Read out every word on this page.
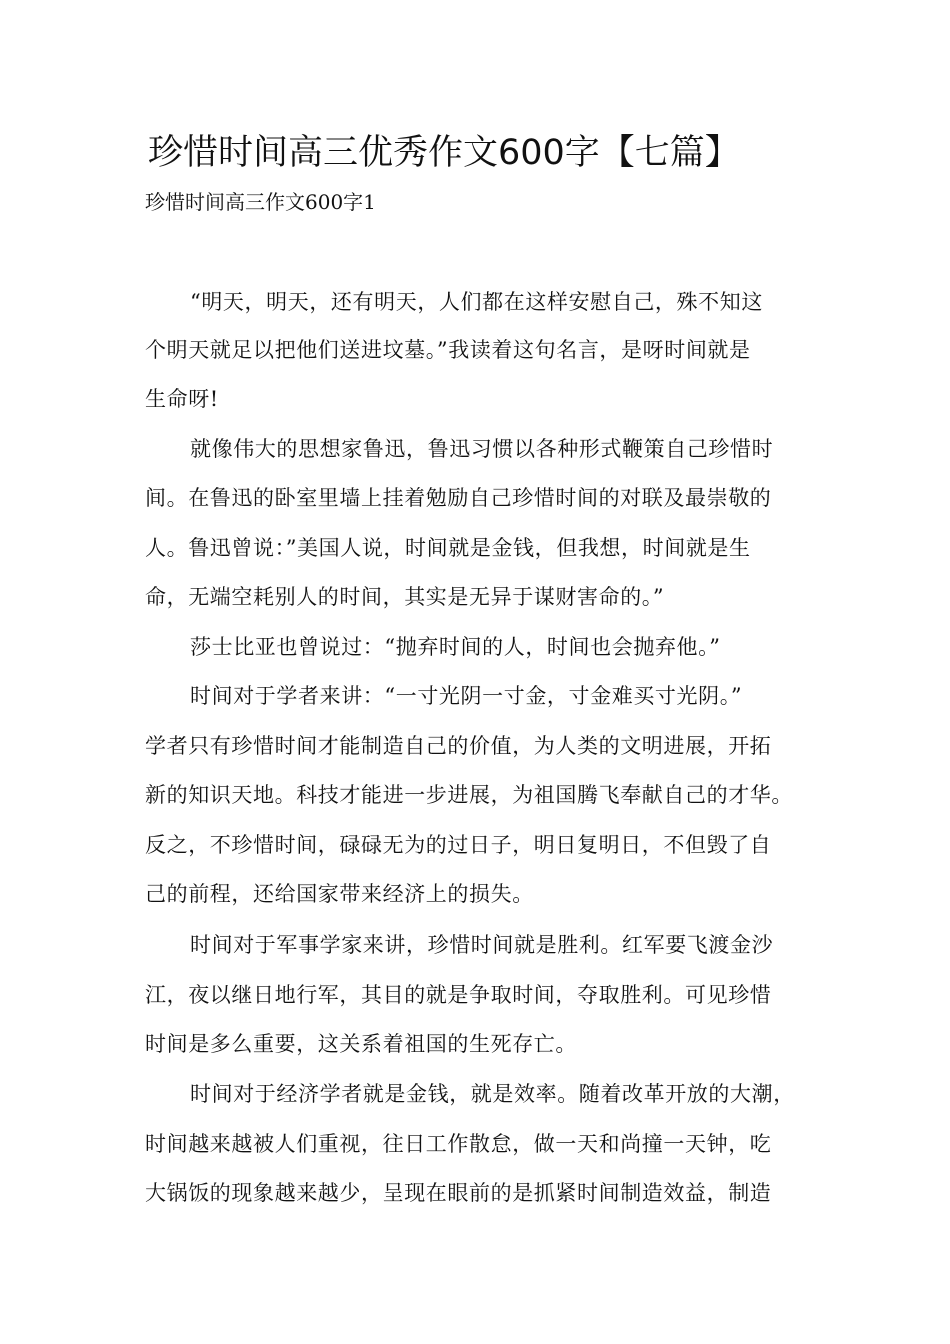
珍惜时间高三优秀作文600字【七篇】
珍惜时间高三作文600字1

“明天，明天，还有明天，人们都在这样安慰自己，殊不知这

个明天就足以把他们送进坟墓。”我读着这句名言，是呀时间就是

生命呀!

就像伟大的思想家鲁迅，鲁迅习惯以各种形式鞭策自己珍惜时

间。在鲁迅的卧室里墙上挂着勉励自己珍惜时间的对联及最崇敬的

人。鲁迅曾说：”美国人说，时间就是金钱，但我想，时间就是生

命，无端空耗别人的时间，其实是无异于谋财害命的。”

莎士比亚也曾说过：“抛弃时间的人，时间也会抛弃他。”

时间对于学者来讲：“一寸光阴一寸金，寸金难买寸光阴。”

学者只有珍惜时间才能制造自己的价值，为人类的文明进展，开拓

新的知识天地。科技才能进一步进展，为祖国腾飞奉献自己的才华。

反之，不珍惜时间，碌碌无为的过日子，明日复明日，不但毁了自

己的前程，还给国家带来经济上的损失。

时间对于军事学家来讲，珍惜时间就是胜利。红军要飞渡金沙

江，夜以继日地行军，其目的就是争取时间，夺取胜利。可见珍惜

时间是多么重要，这关系着祖国的生死存亡。

时间对于经济学者就是金钱，就是效率。随着改革开放的大潮，

时间越来越被人们重视，往日工作散怠，做一天和尚撞一天钟，吃

大锅饭的现象越来越少，呈现在眼前的是抓紧时间制造效益，制造
